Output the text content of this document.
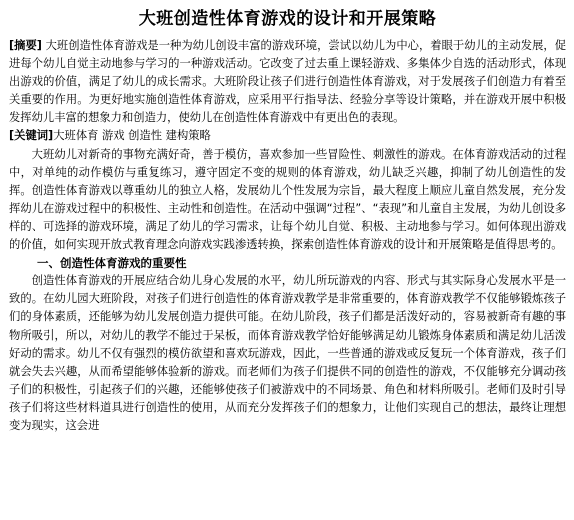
大班创造性体育游戏的设计和开展策略

[摘要] 大班创造性体育游戏是一种为幼儿创设丰富的游戏环境，尝试以幼儿为中心，着眼于幼儿的主动发展，促进每个幼儿自觉主动地参与学习的一种游戏活动。它改变了过去重上课轻游戏、多集体少自选的活动形式，体现出游戏的价值，满足了幼儿的成长需求。大班阶段让孩子们进行创造性体育游戏，对于发展孩子们创造力有着至关重要的作用。为更好地实施创造性体育游戏，应采用平行指导法、经验分享等设计策略，并在游戏开展中积极发挥幼儿丰富的想象力和创造力，使幼儿在创造性体育游戏中有更出色的表现。

[关键词]大班体育 游戏 创造性 建构策略

大班幼儿对新奇的事物充满好奇，善于模仿，喜欢参加一些冒险性、刺激性的游戏。在体育游戏活动的过程中，对单纯的动作模仿与重复练习，遵守固定不变的规则的体育游戏，幼儿缺乏兴趣，抑制了幼儿创造性的发挥。创造性体育游戏以尊重幼儿的独立人格，发展幼儿个性发展为宗旨，最大程度上顺应儿童自然发展，充分发挥幼儿在游戏过程中的积极性、主动性和创造性。在活动中强调“过程”、“表现”和儿童自主发展，为幼儿创设多样的、可选择的游戏环境，满足了幼儿的学习需求，让每个幼儿自觉、积极、主动地参与学习。如何体现出游戏的价值，如何实现开放式教育理念向游戏实践渗透转换，探索创造性体育游戏的设计和开展策略是值得思考的。

一、创造性体育游戏的重要性

创造性体育游戏的开展应结合幼儿身心发展的水平，幼儿所玩游戏的内容、形式与其实际身心发展水平是一致的。在幼儿园大班阶段，对孩子们进行创造性的体育游戏教学是非常重要的，体育游戏教学不仅能够锻炼孩子们的身体素质，还能够为幼儿发展创造力提供可能。在幼儿阶段，孩子们都是活泼好动的，容易被新奇有趣的事物所吸引，所以，对幼儿的教学不能过于呆板，而体育游戏教学恰好能够满足幼儿锻炼身体素质和满足幼儿活泼好动的需求。幼儿不仅有强烈的模仿欲望和喜欢玩游戏，因此，一些普通的游戏或反复玩一个体育游戏，孩子们就会失去兴趣，从而希望能够体验新的游戏。而老师们为孩子们提供不同的创造性的游戏，不仅能够充分调动孩子们的积极性，引起孩子们的兴趣，还能够使孩子们被游戏中的不同场景、角色和材料所吸引。老师们及时引导孩子们将这些材料道具进行创造性的使用，从而充分发挥孩子们的想象力，让他们实现自己的想法，最终让理想变为现实，这会进
